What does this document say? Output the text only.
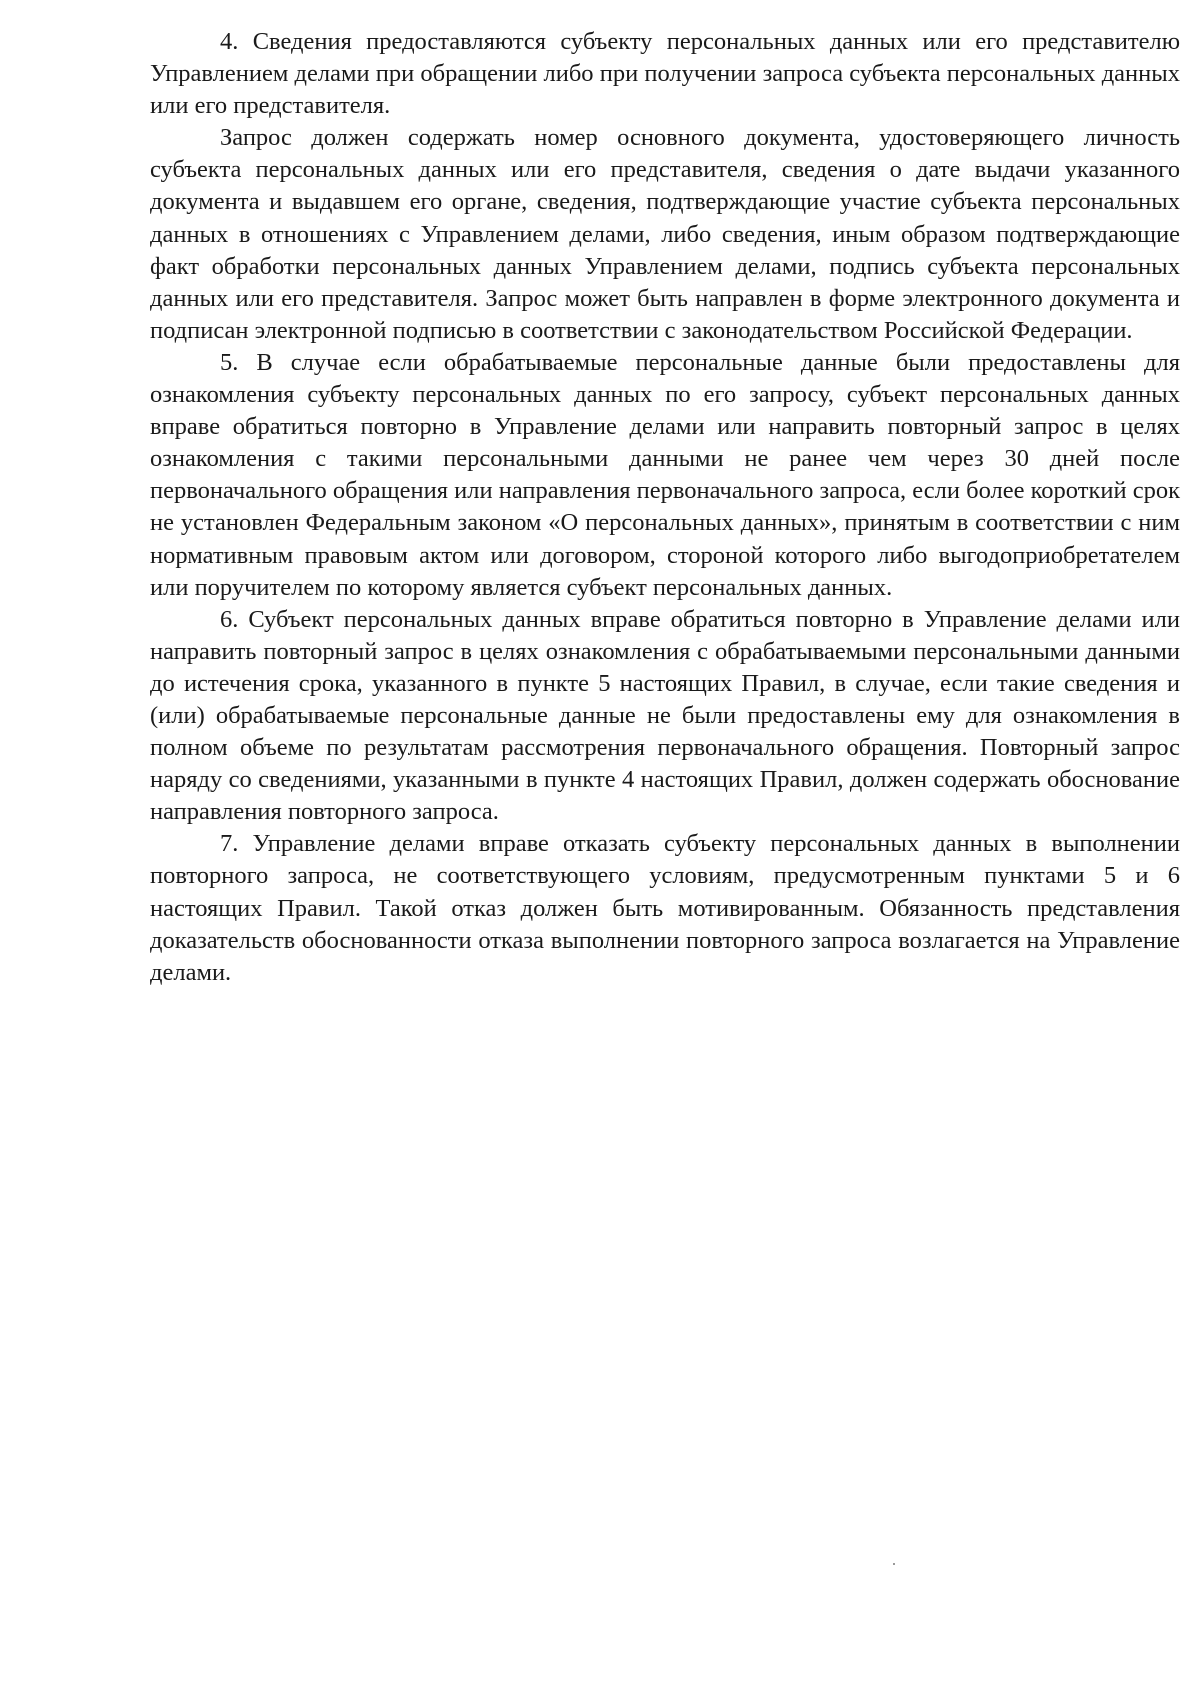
4. Сведения предоставляются субъекту персональных данных или его представителю Управлением делами при обращении либо при получении запроса субъекта персональных данных или его представителя.

Запрос должен содержать номер основного документа, удостоверяющего личность субъекта персональных данных или его представителя, сведения о дате выдачи указанного документа и выдавшем его органе, сведения, подтверждающие участие субъекта персональных данных в отношениях с Управлением делами, либо сведения, иным образом подтверждающие факт обработки персональных данных Управлением делами, подпись субъекта персональных данных или его представителя. Запрос может быть направлен в форме электронного документа и подписан электронной подписью в соответствии с законодательством Российской Федерации.

5. В случае если обрабатываемые персональные данные были предоставлены для ознакомления субъекту персональных данных по его запросу, субъект персональных данных вправе обратиться повторно в Управление делами или направить повторный запрос в целях ознакомления с такими персональными данными не ранее чем через 30 дней после первоначального обращения или направления первоначального запроса, если более короткий срок не установлен Федеральным законом «О персональных данных», принятым в соответствии с ним нормативным правовым актом или договором, стороной которого либо выгодоприобретателем или поручителем по которому является субъект персональных данных.

6. Субъект персональных данных вправе обратиться повторно в Управление делами или направить повторный запрос в целях ознакомления с обрабатываемыми персональными данными до истечения срока, указанного в пункте 5 настоящих Правил, в случае, если такие сведения и (или) обрабатываемые персональные данные не были предоставлены ему для ознакомления в полном объеме по результатам рассмотрения первоначального обращения. Повторный запрос наряду со сведениями, указанными в пункте 4 настоящих Правил, должен содержать обоснование направления повторного запроса.

7. Управление делами вправе отказать субъекту персональных данных в выполнении повторного запроса, не соответствующего условиям, предусмотренным пунктами 5 и 6 настоящих Правил. Такой отказ должен быть мотивированным. Обязанность представления доказательств обоснованности отказа выполнении повторного запроса возлагается на Управление делами.
